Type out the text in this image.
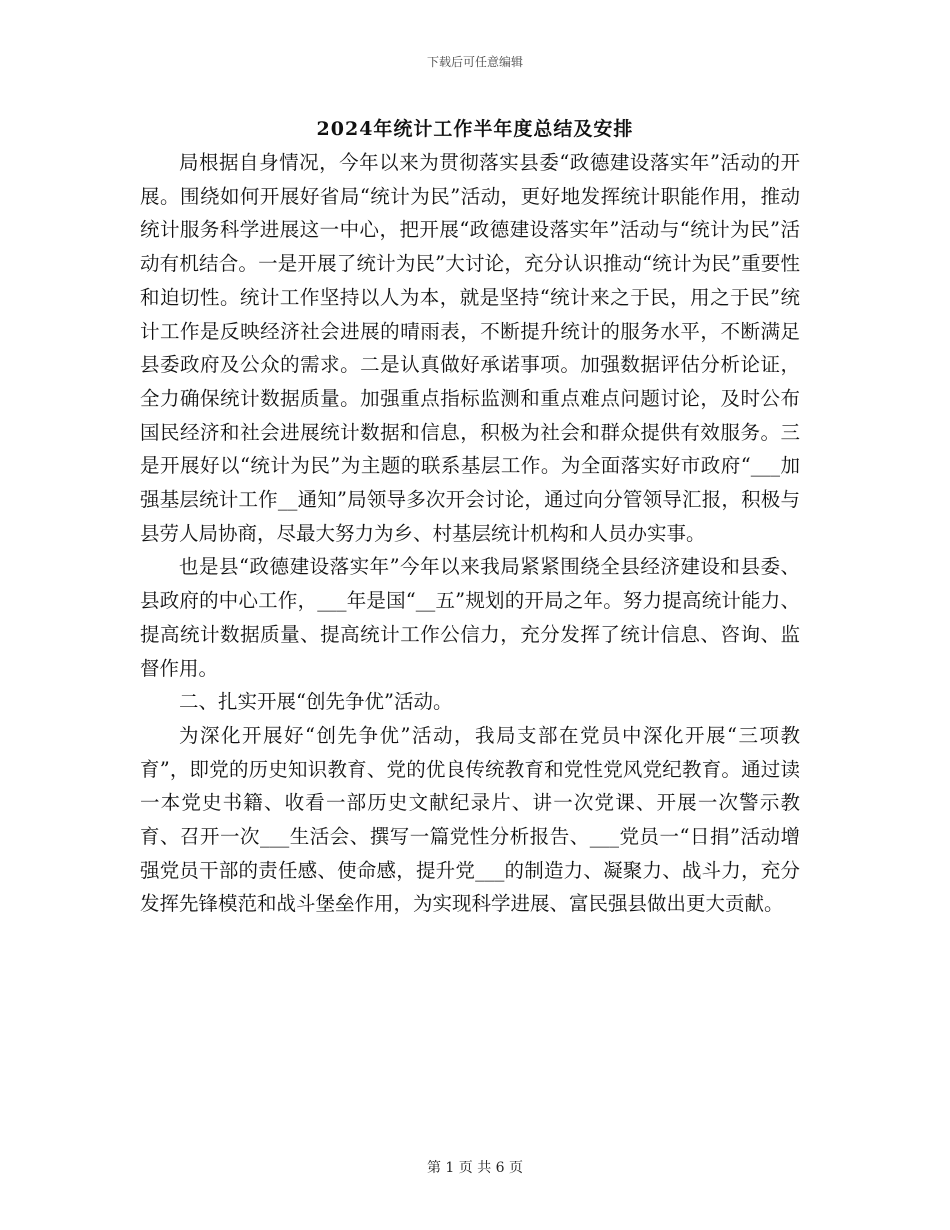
下载后可任意编辑
2024年统计工作半年度总结及安排

局根据自身情况，今年以来为贯彻落实县委“政德建设落实年”活动的开展。围绕如何开展好省局“统计为民”活动，更好地发挥统计职能作用，推动统计服务科学进展这一中心，把开展“政德建设落实年”活动与“统计为民”活动有机结合。一是开展了统计为民”大讨论，充分认识推动“统计为民”重要性和迫切性。统计工作坚持以人为本，就是坚持“统计来之于民，用之于民”统计工作是反映经济社会进展的晴雨表，不断提升统计的服务水平，不断满足县委政府及公众的需求。二是认真做好承诺事项。加强数据评估分析论证，全力确保统计数据质量。加强重点指标监测和重点难点问题讨论，及时公布国民经济和社会进展统计数据和信息，积极为社会和群众提供有效服务。三是开展好以“统计为民”为主题的联系基层工作。为全面落实好市政府“___加强基层统计工作__通知”局领导多次开会讨论，通过向分管领导汇报，积极与县劳人局协商，尽最大努力为乡、村基层统计机构和人员办实事。

也是县“政德建设落实年”今年以来我局紧紧围绕全县经济建设和县委、县政府的中心工作，___年是国“__五”规划的开局之年。努力提高统计能力、提高统计数据质量、提高统计工作公信力，充分发挥了统计信息、咨询、监督作用。

二、扎实开展“创先争优”活动。

为深化开展好“创先争优”活动，我局支部在党员中深化开展“三项教育”，即党的历史知识教育、党的优良传统教育和党性党风党纪教育。通过读一本党史书籍、收看一部历史文献纪录片、讲一次党课、开展一次警示教育、召开一次___生活会、撰写一篇党性分析报告、___党员一“日捐”活动增强党员干部的责任感、使命感，提升党___的制造力、凝聚力、战斗力，充分发挥先锋模范和战斗堡垒作用，为实现科学进展、富民强县做出更大贡献。

第 1 页 共 6 页
